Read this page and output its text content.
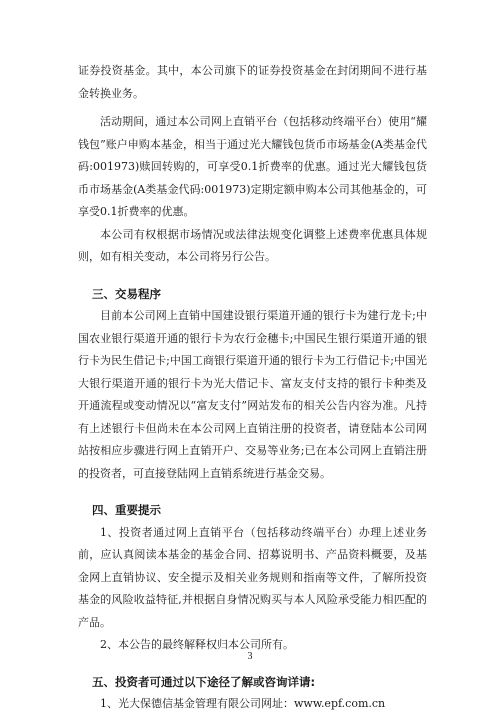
证券投资基金。其中，本公司旗下的证券投资基金在封闭期间不进行基金转换业务。

活动期间，通过本公司网上直销平台（包括移动终端平台）使用“耀钱包”账户申购本基金，相当于通过光大耀钱包货币市场基金(A类基金代码:001973)赎回转购的，可享受0.1折费率的优惠。通过光大耀钱包货币市场基金(A类基金代码:001973)定期定额申购本公司其他基金的，可享受0.1折费率的优惠。

本公司有权根据市场情况或法律法规变化调整上述费率优惠具体规则，如有相关变动，本公司将另行公告。

三、交易程序

目前本公司网上直销中国建设银行渠道开通的银行卡为建行龙卡;中国农业银行渠道开通的银行卡为农行金穗卡;中国民生银行渠道开通的银行卡为民生借记卡;中国工商银行渠道开通的银行卡为工行借记卡;中国光大银行渠道开通的银行卡为光大借记卡、富友支付支持的银行卡种类及开通流程或变动情况以“富友支付”网站发布的相关公告内容为准。凡持有上述银行卡但尚未在本公司网上直销注册的投资者，请登陆本公司网站按相应步骤进行网上直销开户、交易等业务;已在本公司网上直销注册的投资者，可直接登陆网上直销系统进行基金交易。

四、重要提示

1、投资者通过网上直销平台（包括移动终端平台）办理上述业务前，应认真阅读本基金的基金合同、招募说明书、产品资料概要，及基金网上直销协议、安全提示及相关业务规则和指南等文件，了解所投资基金的风险收益特征,并根据自身情况购买与本人风险承受能力相匹配的产品。

2、本公告的最终解释权归本公司所有。

五、投资者可通过以下途径了解或咨询详请:

1、光大保德信基金管理有限公司网址：www.epf.com.cn

3
